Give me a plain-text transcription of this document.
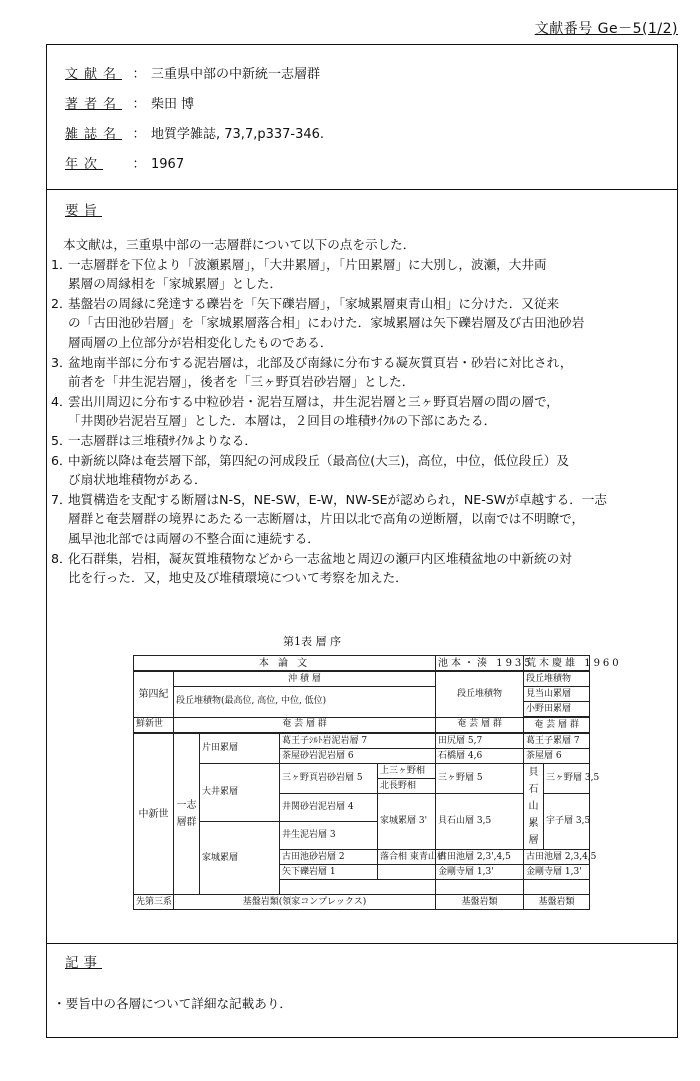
文献番号 Ge－5(1/2)
文献名 ： 三重県中部の中新統一志層群
著者名 ： 柴田 博
雑誌名 ： 地質学雑誌, 73,7,p337-346.
年次 ： 1967
要旨

本文献は，三重県中部の一志層群について以下の点を示した．

1．

一志層群を下位より「波瀬累層」，「大井累層」，「片田累層」に大別し，波瀬，大井両

累層の周縁相を「家城累層」とした．

2．

基盤岩の周縁に発達する礫岩を「矢下礫岩層」，「家城累層東青山相」に分けた．又従来

の「古田池砂岩層」を「家城累層落合相」にわけた．家城累層は矢下礫岩層及び古田池砂岩

層両層の上位部分が岩相変化したものである．

3．

盆地南半部に分布する泥岩層は，北部及び南縁に分布する凝灰質頁岩・砂岩に対比され，

前者を「井生泥岩層」，後者を「三ヶ野頁岩砂岩層」とした．

4．

雲出川周辺に分布する中粒砂岩・泥岩互層は，井生泥岩層と三ヶ野頁岩層の間の層で，

「井関砂岩泥岩互層」とした．本層は，２回目の堆積ｻｲｸﾙの下部にあたる．

5．

一志層群は三堆積ｻｲｸﾙよりなる．

6．

中新統以降は奄芸層下部，第四紀の河成段丘（最高位(大三)，高位，中位，低位段丘）及

び扇状地堆積物がある．

7．

地質構造を支配する断層はN-S，NE-SW，E-W，NW-SEが認められ，NE-SWが卓越する．一志

層群と奄芸層群の境界にあたる一志断層は，片田以北で高角の逆断層，以南では不明瞭で，

風早池北部では両層の不整合面に連続する．

8．

化石群集，岩相，凝灰質堆積物などから一志盆地と周辺の瀬戸内区堆積盆地の中新統の対

比を行った．又，地史及び堆積環境について考察を加えた．

第1表 層 序
本 論 文					池本・湊 1935	荒木慶雄 1960	
第四紀	沖 積 層				段丘堆積物	段丘堆積物	
	段丘堆積物(最高位, 高位, 中位, 低位)					見当山累層	
						小野田累層	
鮮新世	奄 芸 層 群				奄 芸 層 群	奄 芸 層 群	
中新世	一志層群	片田累層	葛王子ｼﾙﾄ岩泥岩層 7		田尻層 5,7	葛王子累層 7	
			茶屋砂岩泥岩層 6		石橋層 4,6	茶屋層 6	
		大井累層	三ヶ野頁岩砂岩層 5	上三ヶ野相	三ヶ野層 5	貝石山累層	三ヶ野層 3,5
				北長野相			
			井関砂岩泥岩層 4	家城累層 3'	貝石山層 3,5		宇子層 3,5
		家城累層	井生泥岩層 3				
			古田池砂岩層 2	落合相 東青山相	古田池層 2,3',4,5	古田池層 2,3,4,5	
			矢下礫岩層 1		金剛寺層 1,3'	金剛寺層 1,3'	

先第三系	基盤岩類(領家コンプレックス)				基盤岩類	基盤岩類	
記事
・要旨中の各層について詳細な記載あり．
